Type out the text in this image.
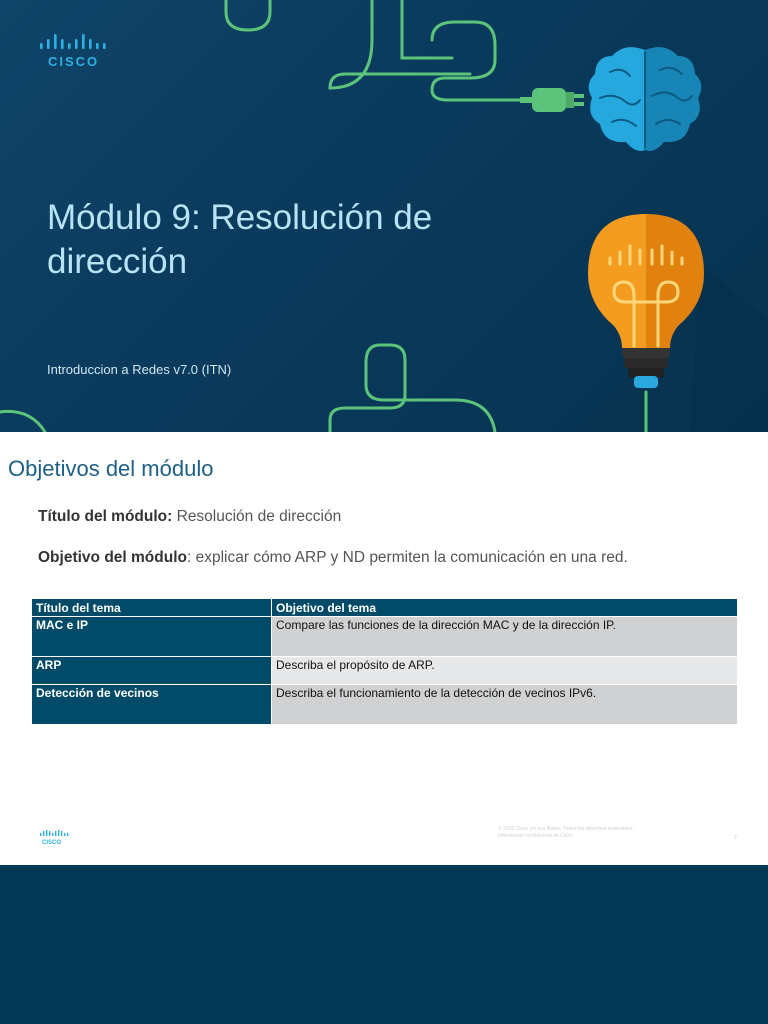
CISCO
Módulo 9: Resolución de dirección
Introduccion a Redes v7.0 (ITN)
Objetivos del módulo
Título del módulo: Resolución de dirección
Objetivo del módulo: explicar cómo ARP y ND permiten la comunicación en una red.
Título del tema	Objetivo del tema
MAC e IP	Compare las funciones de la dirección MAC y de la dirección IP.
ARP	Describa el propósito de ARP.
Detección de vecinos	Describa el funcionamiento de la detección de vecinos IPv6.
CISCO
© 2016 Cisco y/o sus filiales. Todos los derechos reservados.
Información confidencial de Cisco	2
